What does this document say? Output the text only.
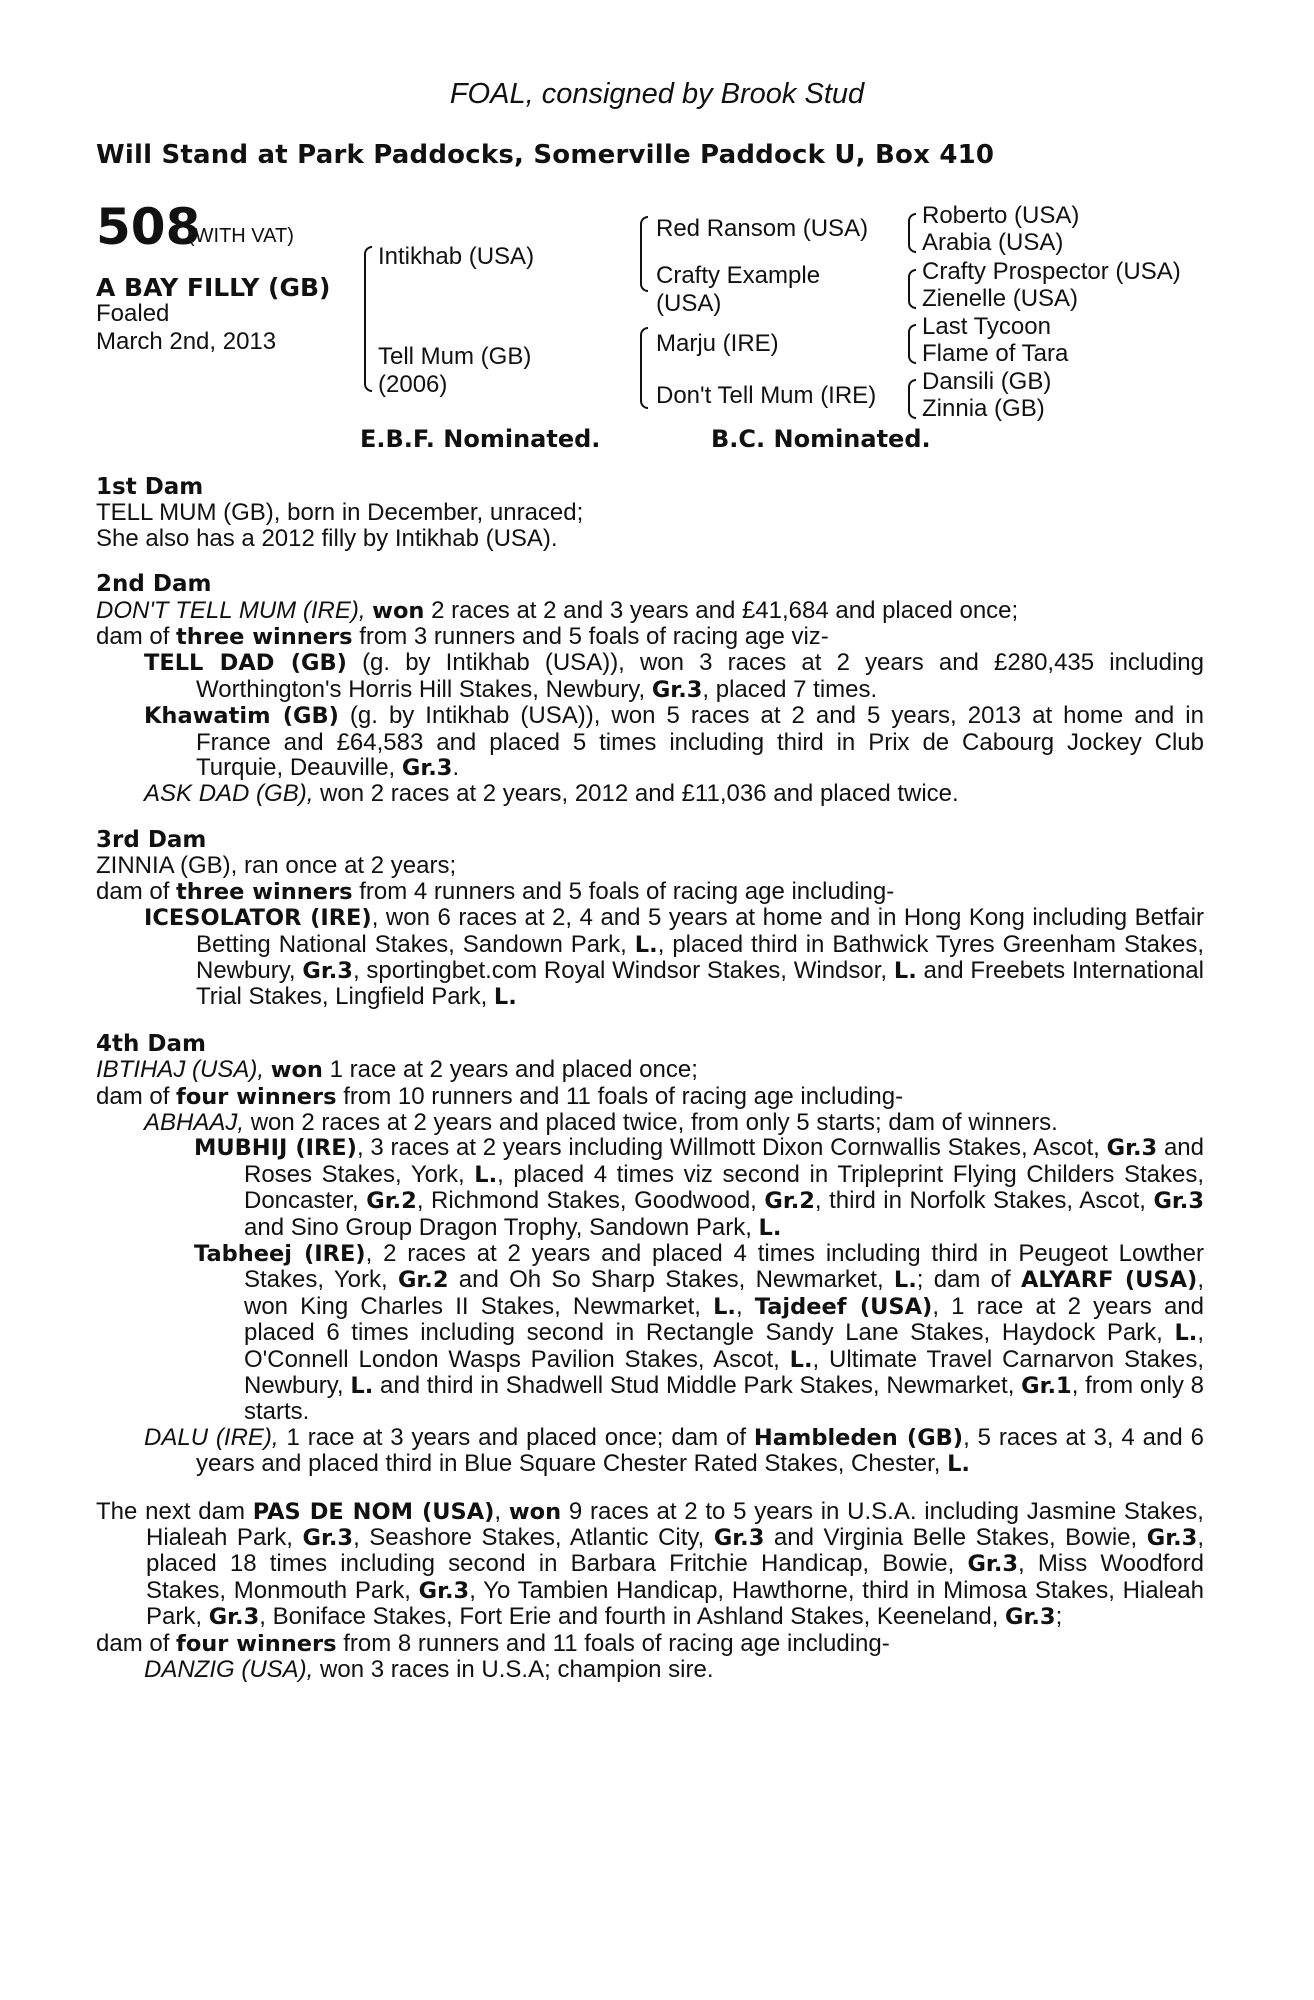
FOAL, consigned by Brook Stud
Will Stand at Park Paddocks, Somerville Paddock U, Box 410
508
(WITH VAT)
A BAY FILLY (GB)
Foaled
March 2nd, 2013
Intikhab (USA)
Tell Mum (GB)
(2006)
Red Ransom (USA)
Crafty Example
(USA)
Marju (IRE)
Don't Tell Mum (IRE)
Roberto (USA)
Arabia (USA)
Crafty Prospector (USA)
Zienelle (USA)
Last Tycoon
Flame of Tara
Dansili (GB)
Zinnia (GB)
E.B.F. Nominated.	B.C. Nominated.

1st Dam

TELL MUM (GB), born in December, unraced;

She also has a 2012 filly by Intikhab (USA).

2nd Dam

DON'T TELL MUM (IRE), won 2 races at 2 and 3 years and £41,684 and placed once;

dam of three winners from 3 runners and 5 foals of racing age viz-

TELL DAD (GB) (g. by Intikhab (USA)), won 3 races at 2 years and £280,435 including Worthington's Horris Hill Stakes, Newbury, Gr.3, placed 7 times.

Khawatim (GB) (g. by Intikhab (USA)), won 5 races at 2 and 5 years, 2013 at home and in France and £64,583 and placed 5 times including third in Prix de Cabourg Jockey Club Turquie, Deauville, Gr.3.

ASK DAD (GB), won 2 races at 2 years, 2012 and £11,036 and placed twice.

3rd Dam

ZINNIA (GB), ran once at 2 years;

dam of three winners from 4 runners and 5 foals of racing age including-

ICESOLATOR (IRE), won 6 races at 2, 4 and 5 years at home and in Hong Kong including Betfair Betting National Stakes, Sandown Park, L., placed third in Bathwick Tyres Greenham Stakes, Newbury, Gr.3, sportingbet.com Royal Windsor Stakes, Windsor, L. and Freebets International Trial Stakes, Lingfield Park, L.

4th Dam

IBTIHAJ (USA), won 1 race at 2 years and placed once;

dam of four winners from 10 runners and 11 foals of racing age including-

ABHAAJ, won 2 races at 2 years and placed twice, from only 5 starts; dam of winners.

MUBHIJ (IRE), 3 races at 2 years including Willmott Dixon Cornwallis Stakes, Ascot, Gr.3 and Roses Stakes, York, L., placed 4 times viz second in Tripleprint Flying Childers Stakes, Doncaster, Gr.2, Richmond Stakes, Goodwood, Gr.2, third in Norfolk Stakes, Ascot, Gr.3 and Sino Group Dragon Trophy, Sandown Park, L.

Tabheej (IRE), 2 races at 2 years and placed 4 times including third in Peugeot Lowther Stakes, York, Gr.2 and Oh So Sharp Stakes, Newmarket, L.; dam of ALYARF (USA), won King Charles II Stakes, Newmarket, L., Tajdeef (USA), 1 race at 2 years and placed 6 times including second in Rectangle Sandy Lane Stakes, Haydock Park, L., O'Connell London Wasps Pavilion Stakes, Ascot, L., Ultimate Travel Carnarvon Stakes, Newbury, L. and third in Shadwell Stud Middle Park Stakes, Newmarket, Gr.1, from only 8 starts.

DALU (IRE), 1 race at 3 years and placed once; dam of Hambleden (GB), 5 races at 3, 4 and 6 years and placed third in Blue Square Chester Rated Stakes, Chester, L.

The next dam PAS DE NOM (USA), won 9 races at 2 to 5 years in U.S.A. including Jasmine Stakes, Hialeah Park, Gr.3, Seashore Stakes, Atlantic City, Gr.3 and Virginia Belle Stakes, Bowie, Gr.3, placed 18 times including second in Barbara Fritchie Handicap, Bowie, Gr.3, Miss Woodford Stakes, Monmouth Park, Gr.3, Yo Tambien Handicap, Hawthorne, third in Mimosa Stakes, Hialeah Park, Gr.3, Boniface Stakes, Fort Erie and fourth in Ashland Stakes, Keeneland, Gr.3;

dam of four winners from 8 runners and 11 foals of racing age including-

DANZIG (USA), won 3 races in U.S.A; champion sire.
